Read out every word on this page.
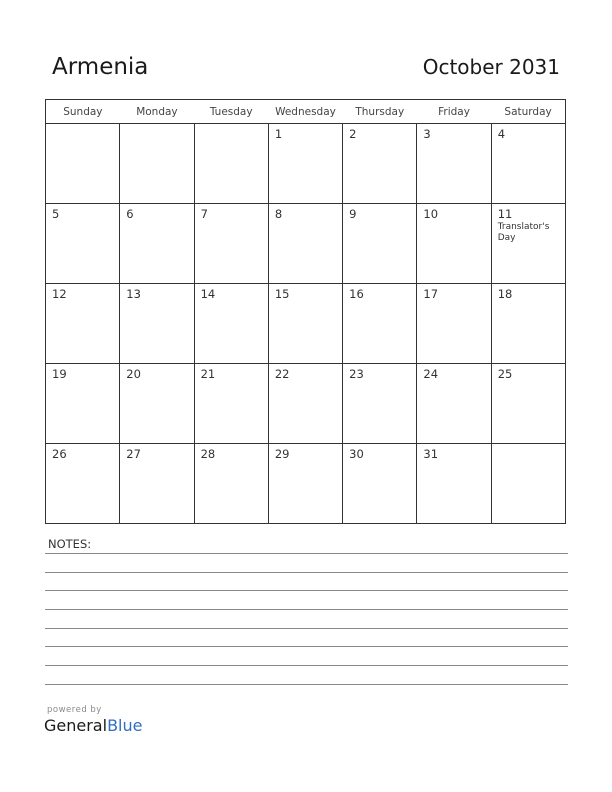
Armenia	October 2031
Sunday	Monday	Tuesday	Wednesday	Thursday	Friday	Saturday

			1	2	3	4

5	6	7	8	9	10	11
Translator's Day

12	13	14	15	16	17	18

19	20	21	22	23	24	25

26	27	28	29	30	31	

NOTES:
powered by
GeneralBlue
